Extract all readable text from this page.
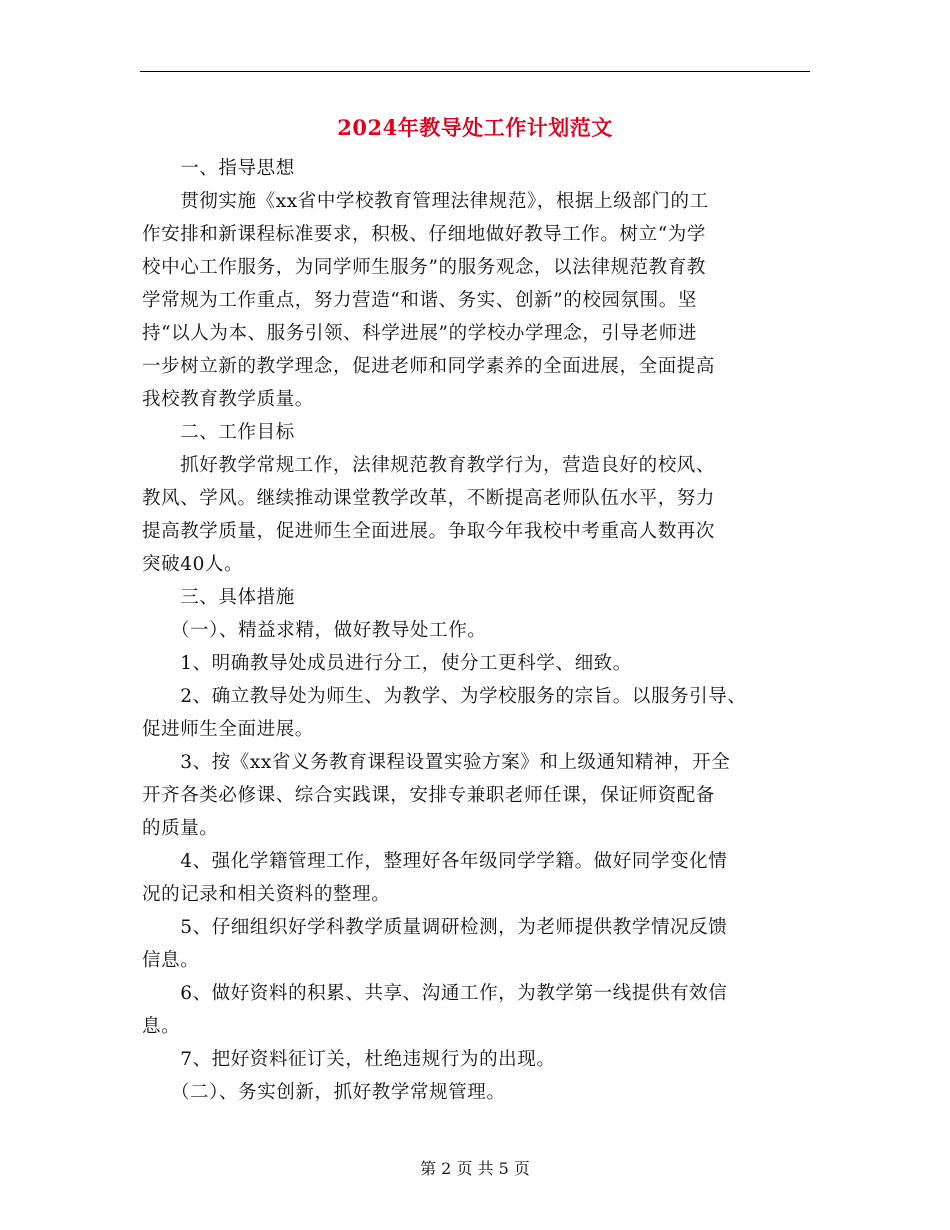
2024年教导处工作计划范文
　　一、指导思想
　　贯彻实施《xx省中学校教育管理法律规范》，根据上级部门的工
作安排和新课程标准要求，积极、仔细地做好教导工作。树立“为学
校中心工作服务，为同学师生服务”的服务观念，以法律规范教育教
学常规为工作重点，努力营造“和谐、务实、创新”的校园氛围。坚
持“以人为本、服务引领、科学进展”的学校办学理念，引导老师进
一步树立新的教学理念，促进老师和同学素养的全面进展，全面提高
我校教育教学质量。
　　二、工作目标
　　抓好教学常规工作，法律规范教育教学行为，营造良好的校风、
教风、学风。继续推动课堂教学改革，不断提高老师队伍水平，努力
提高教学质量，促进师生全面进展。争取今年我校中考重高人数再次
突破40人。
　　三、具体措施
　　（一）、精益求精，做好教导处工作。
　　1、明确教导处成员进行分工，使分工更科学、细致。
　　2、确立教导处为师生、为教学、为学校服务的宗旨。以服务引导、
促进师生全面进展。
　　3、按《xx省义务教育课程设置实验方案》和上级通知精神，开全
开齐各类必修课、综合实践课，安排专兼职老师任课，保证师资配备
的质量。
　　4、强化学籍管理工作，整理好各年级同学学籍。做好同学变化情
况的记录和相关资料的整理。
　　5、仔细组织好学科教学质量调研检测，为老师提供教学情况反馈
信息。
　　6、做好资料的积累、共享、沟通工作，为教学第一线提供有效信
息。
　　7、把好资料征订关，杜绝违规行为的出现。
　　（二）、务实创新，抓好教学常规管理。
第 2 页 共 5 页
